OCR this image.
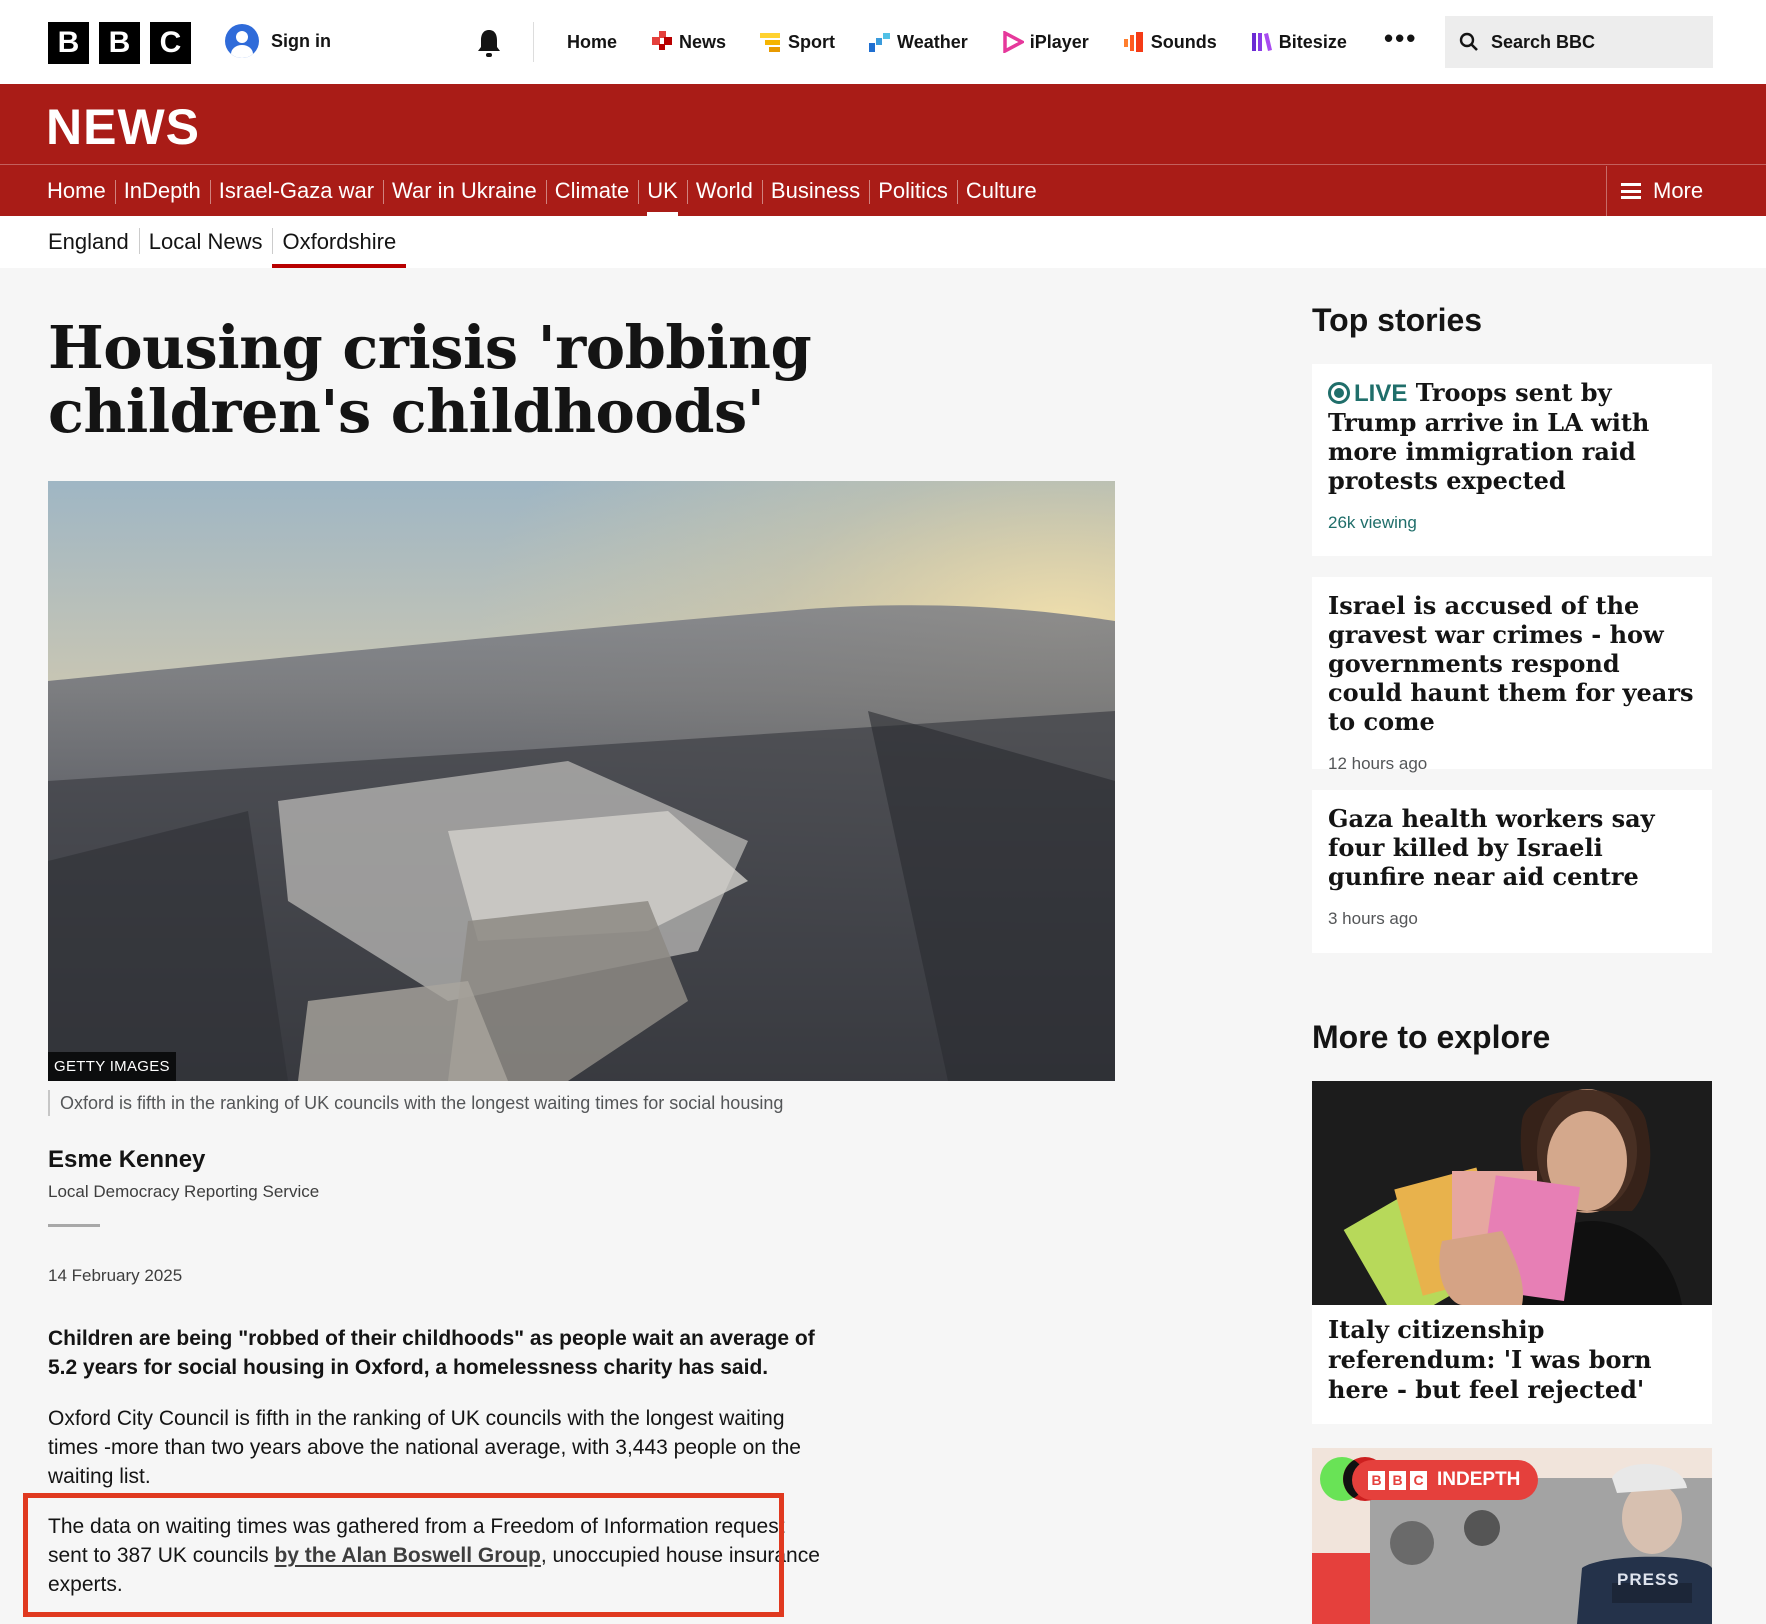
B B C	Sign in	Home	News	Sport	Weather	iPlayer	Sounds	Bitesize •••	Search BBC
NEWS
Home InDepth Israel-Gaza war War in Ukraine Climate UK World Business Politics Culture	More
England Local News Oxfordshire
Housing crisis 'robbing children's childhoods'
GETTY IMAGES
Oxford is fifth in the ranking of UK councils with the longest waiting times for social housing
Esme Kenney
Local Democracy Reporting Service
14 February 2025

Children are being "robbed of their childhoods" as people wait an average of 5.2 years for social housing in Oxford, a homelessness charity has said.

Oxford City Council is fifth in the ranking of UK councils with the longest waiting times -more than two years above the national average, with 3,443 people on the waiting list.

The data on waiting times was gathered from a Freedom of Information request sent to 387 UK councils by the Alan Boswell Group, unoccupied house insurance experts.

Top stories
LIVE Troops sent by Trump arrive in LA with more immigration raid protests expected
26k viewing
Israel is accused of the gravest war crimes - how governments respond could haunt them for years to come
12 hours ago
Gaza health workers say four killed by Israeli gunfire near aid centre
3 hours ago
More to explore
Italy citizenship referendum: 'I was born here - but feel rejected'
B B C INDEPTH
PRESS
